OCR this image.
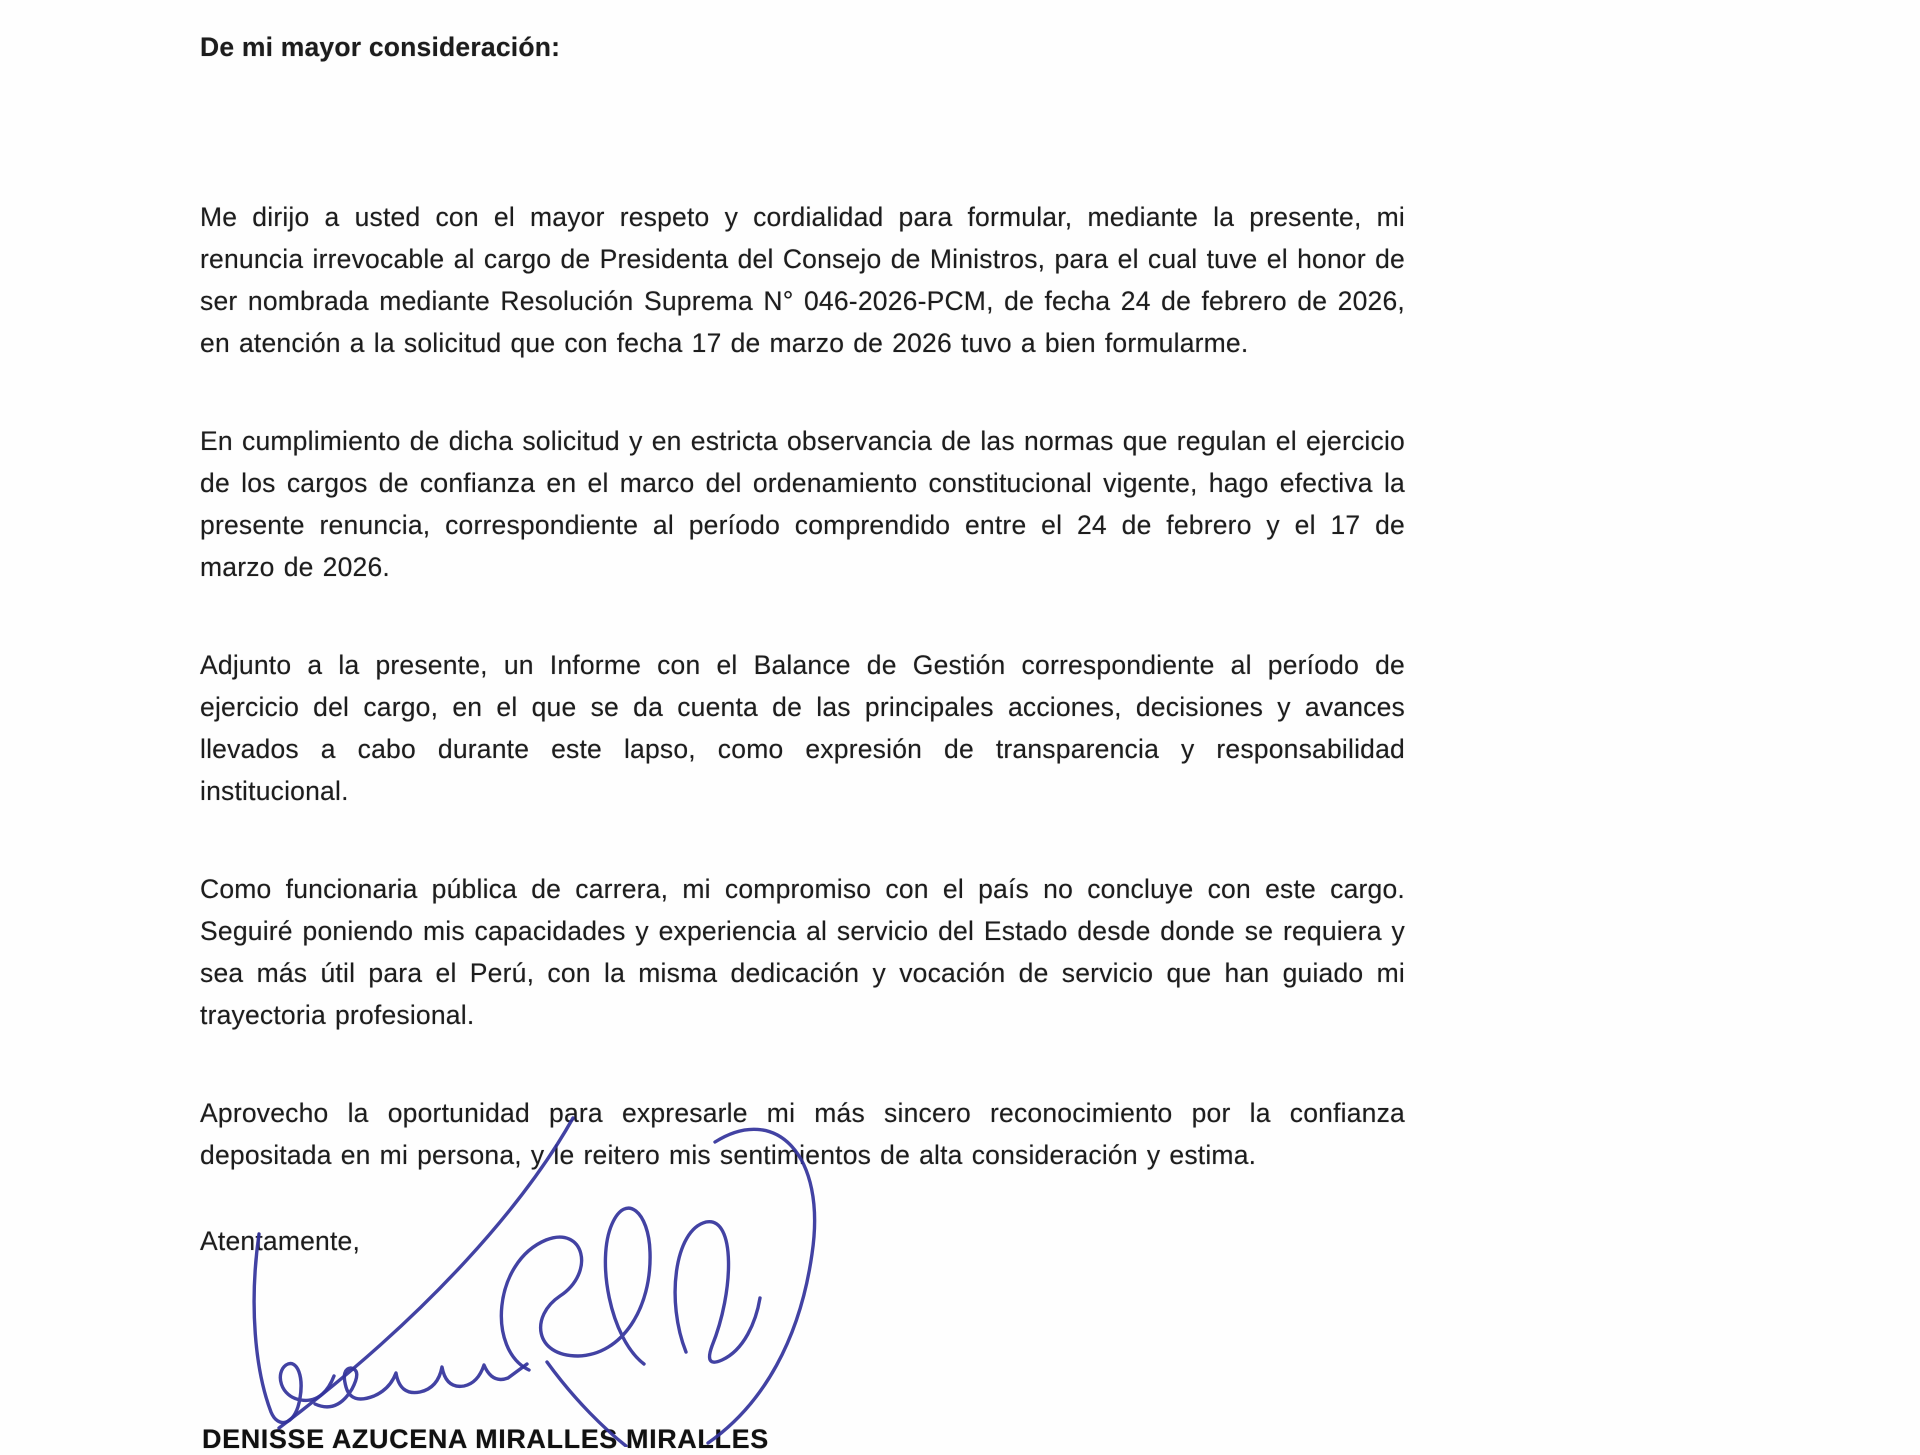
De mi mayor consideración:

Me dirijo a usted con el mayor respeto y cordialidad para formular, mediante la presente, mi renuncia irrevocable al cargo de Presidenta del Consejo de Ministros, para el cual tuve el honor de ser nombrada mediante Resolución Suprema N° 046-2026-PCM, de fecha 24 de febrero de 2026, en atención a la solicitud que con fecha 17 de marzo de 2026 tuvo a bien formularme.

En cumplimiento de dicha solicitud y en estricta observancia de las normas que regulan el ejercicio de los cargos de confianza en el marco del ordenamiento constitucional vigente, hago efectiva la presente renuncia, correspondiente al período comprendido entre el 24 de febrero y el 17 de marzo de 2026.

Adjunto a la presente, un Informe con el Balance de Gestión correspondiente al período de ejercicio del cargo, en el que se da cuenta de las principales acciones, decisiones y avances llevados a cabo durante este lapso, como expresión de transparencia y responsabilidad institucional.

Como funcionaria pública de carrera, mi compromiso con el país no concluye con este cargo. Seguiré poniendo mis capacidades y experiencia al servicio del Estado desde donde se requiera y sea más útil para el Perú, con la misma dedicación y vocación de servicio que han guiado mi trayectoria profesional.

Aprovecho la oportunidad para expresarle mi más sincero reconocimiento por la confianza depositada en mi persona, y le reitero mis sentimientos de alta consideración y estima.

Atentamente,

DENISSE AZUCENA MIRALLES MIRALLES
